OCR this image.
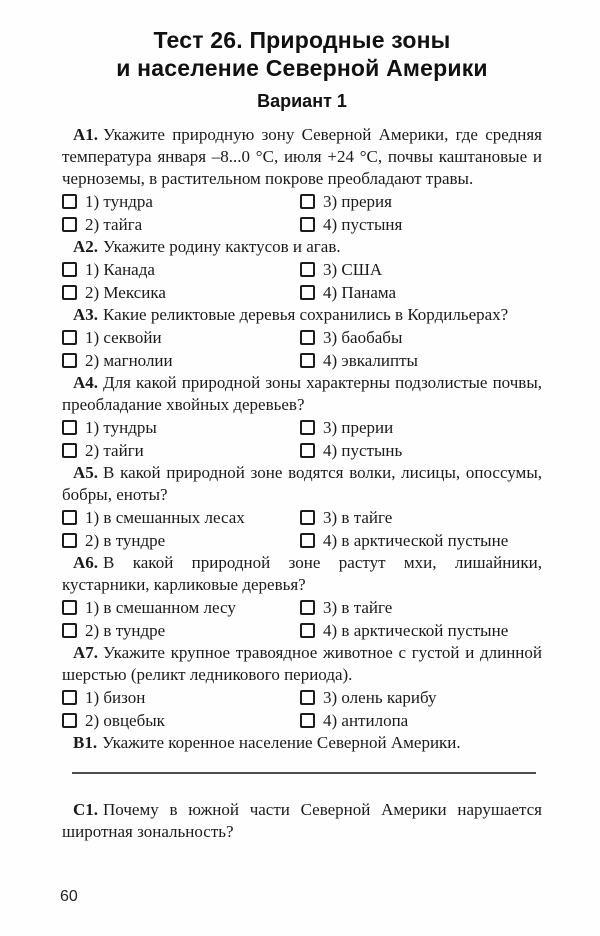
Тест 26. Природные зоны
и население Северной Америки
Вариант 1

А1. Укажите природную зону Северной Америки, где средняя температура января –8...0 °С, июля +24 °С, почвы каштановые и черноземы, в растительном покрове преобладают травы.

1) тундра
2) тайга
3) прерия
4) пустыня

А2. Укажите родину кактусов и агав.

1) Канада
2) Мексика
3) США
4) Панама

А3. Какие реликтовые деревья сохранились в Кордильерах?

1) секвойи
2) магнолии
3) баобабы
4) эвкалипты

А4. Для какой природной зоны характерны подзолистые почвы, преобладание хвойных деревьев?

1) тундры
2) тайги
3) прерии
4) пустынь

А5. В какой природной зоне водятся волки, лисицы, опоссумы, бобры, еноты?

1) в смешанных лесах
2) в тундре
3) в тайге
4) в арктической пустыне

А6. В какой природной зоне растут мхи, лишайники, кустарники, карликовые деревья?

1) в смешанном лесу
2) в тундре
3) в тайге
4) в арктической пустыне

А7. Укажите крупное травоядное животное с густой и длинной шерстью (реликт ледникового периода).

1) бизон
2) овцебык
3) олень карибу
4) антилопа

В1. Укажите коренное население Северной Америки.

С1. Почему в южной части Северной Америки нарушается широтная зональность?

60
